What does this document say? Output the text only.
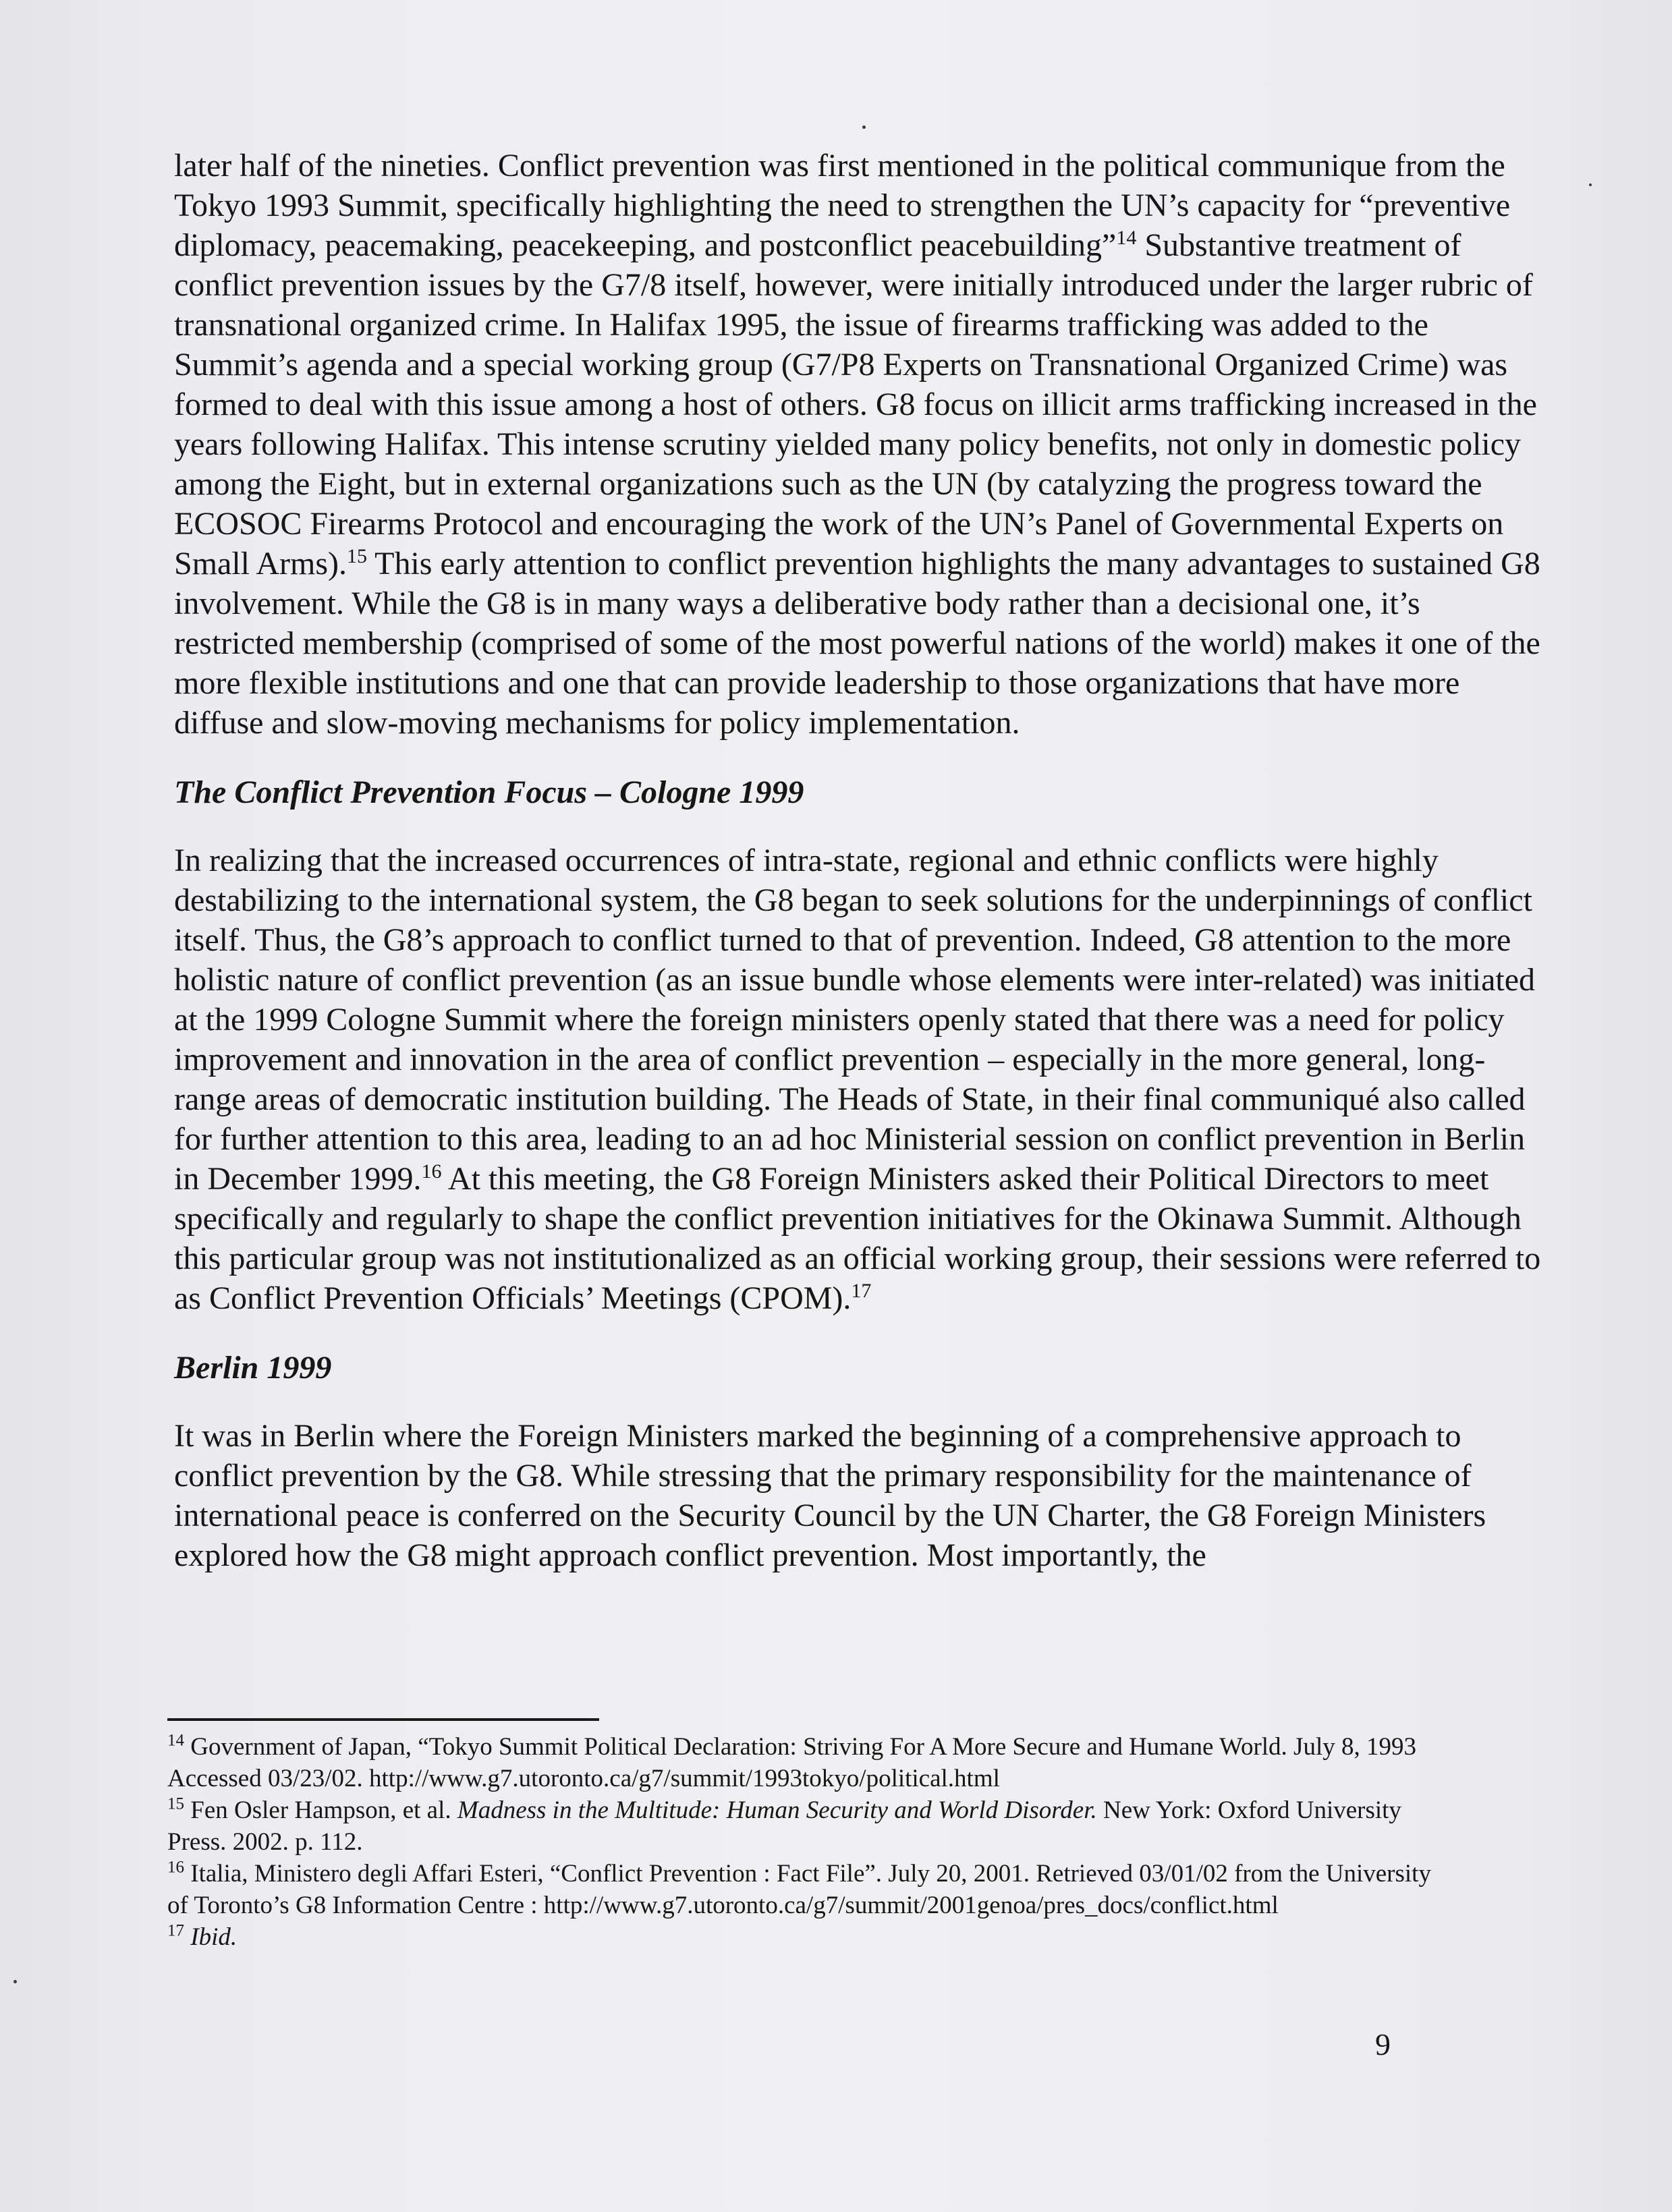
later half of the nineties. Conflict prevention was first mentioned in the political communique from the Tokyo 1993 Summit, specifically highlighting the need to strengthen the UN’s capacity for “preventive diplomacy, peacemaking, peacekeeping, and postconflict peacebuilding”$^{14}$ Substantive treatment of conflict prevention issues by the G7/8 itself, however, were initially introduced under the larger rubric of transnational organized crime. In Halifax 1995, the issue of firearms trafficking was added to the Summit’s agenda and a special working group (G7/P8 Experts on Transnational Organized Crime) was formed to deal with this issue among a host of others. G8 focus on illicit arms trafficking increased in the years following Halifax. This intense scrutiny yielded many policy benefits, not only in domestic policy among the Eight, but in external organizations such as the UN (by catalyzing the progress toward the ECOSOC Firearms Protocol and encouraging the work of the UN’s Panel of Governmental Experts on Small Arms).$^{15}$ This early attention to conflict prevention highlights the many advantages to sustained G8 involvement. While the G8 is in many ways a deliberative body rather than a decisional one, it’s restricted membership (comprised of some of the most powerful nations of the world) makes it one of the more flexible institutions and one that can provide leadership to those organizations that have more diffuse and slow-moving mechanisms for policy implementation.

The Conflict Prevention Focus – Cologne 1999

In realizing that the increased occurrences of intra-state, regional and ethnic conflicts were highly destabilizing to the international system, the G8 began to seek solutions for the underpinnings of conflict itself. Thus, the G8’s approach to conflict turned to that of prevention. Indeed, G8 attention to the more holistic nature of conflict prevention (as an issue bundle whose elements were inter-related) was initiated at the 1999 Cologne Summit where the foreign ministers openly stated that there was a need for policy improvement and innovation in the area of conflict prevention – especially in the more general, long-range areas of democratic institution building. The Heads of State, in their final communiqué also called for further attention to this area, leading to an ad hoc Ministerial session on conflict prevention in Berlin in December 1999.16 At this meeting, the G8 Foreign Ministers asked their Political Directors to meet specifically and regularly to shape the conflict prevention initiatives for the Okinawa Summit. Although this particular group was not institutionalized as an official working group, their sessions were referred to as Conflict Prevention Officials’ Meetings (CPOM).$^{17}$

Berlin 1999

It was in Berlin where the Foreign Ministers marked the beginning of a comprehensive approach to conflict prevention by the G8. While stressing that the primary responsibility for the maintenance of international peace is conferred on the Security Council by the UN Charter, the G8 Foreign Ministers explored how the G8 might approach conflict prevention. Most importantly, the

$^{14}$ Government of Japan, “Tokyo Summit Political Declaration: Striving For A More Secure and Humane World. July 8, 1993 Accessed 03/23/02. http://www.g7.utoronto.ca/g7/summit/1993tokyo/political.html

$^{15}$ Fen Osler Hampson, et al. Madness in the Multitude: Human Security and World Disorder. New York: Oxford University Press. 2002. p. 112.

$^{16}$ Italia, Ministero degli Affari Esteri, “Conflict Prevention : Fact File”. July 20, 2001. Retrieved 03/01/02 from the University of Toronto’s G8 Information Centre : http://www.g7.utoronto.ca/g7/summit/2001genoa/pres_docs/conflict.html

$^{17}$ Ibid.

9
